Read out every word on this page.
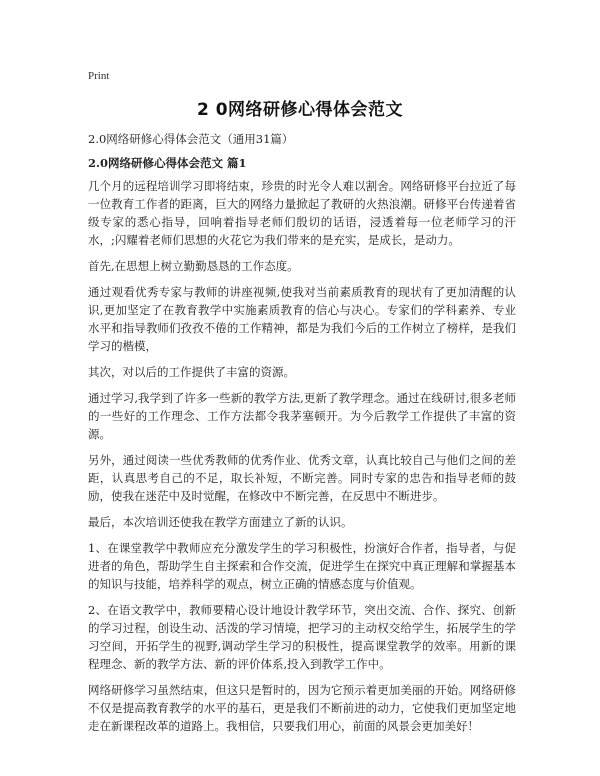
Print
2 0网络研修心得体会范文
2.0网络研修心得体会范文（通用31篇）
2.0网络研修心得体会范文 篇1

几个月的远程培训学习即将结束，珍贵的时光令人难以割舍。网络研修平台拉近了每一位教育工作者的距离，巨大的网络力量掀起了教研的火热浪潮。研修平台传递着省级专家的悉心指导，回响着指导老师们殷切的话语，浸透着每一位老师学习的汗水，;闪耀着老师们思想的火花它为我们带来的是充实，是成长，是动力。

首先,在思想上树立勤勤恳恳的工作态度。

通过观看优秀专家与教师的讲座视频,使我对当前素质教育的现状有了更加清醒的认识,更加坚定了在教育教学中实施素质教育的信心与决心。专家们的学科素养、专业水平和指导教师们孜孜不倦的工作精神，都是为我们今后的工作树立了榜样，是我们学习的楷模，

其次，对以后的工作提供了丰富的资源。

通过学习,我学到了许多一些新的教学方法,更新了教学理念。通过在线研讨,很多老师的一些好的工作理念、工作方法都令我茅塞顿开。为今后教学工作提供了丰富的资源。

另外，通过阅读一些优秀教师的优秀作业、优秀文章，认真比较自己与他们之间的差距，认真思考自己的不足，取长补短，不断完善。同时专家的忠告和指导老师的鼓励，使我在迷茫中及时觉醒，在修改中不断完善，在反思中不断进步。

最后，本次培训还使我在教学方面建立了新的认识。

1、在课堂教学中教师应充分激发学生的学习积极性，扮演好合作者，指导者，与促进者的角色，帮助学生自主探索和合作交流，促进学生在探究中真正理解和掌握基本的知识与技能，培养科学的观点，树立正确的情感态度与价值观。

2、在语文教学中，教师要精心设计地设计教学环节，突出交流、合作、探究、创新的学习过程，创设生动、活泼的学习情境，把学习的主动权交给学生，拓展学生的学习空间，开拓学生的视野,调动学生学习的积极性，提高课堂教学的效率。用新的课程理念、新的教学方法、新的评价体系,投入到教学工作中。

网络研修学习虽然结束，但这只是暂时的，因为它预示着更加美丽的开始。网络研修不仅是提高教育教学的水平的基石，更是我们不断前进的动力，它使我们更加坚定地走在新课程改革的道路上。我相信，只要我们用心，前面的风景会更加美好！
